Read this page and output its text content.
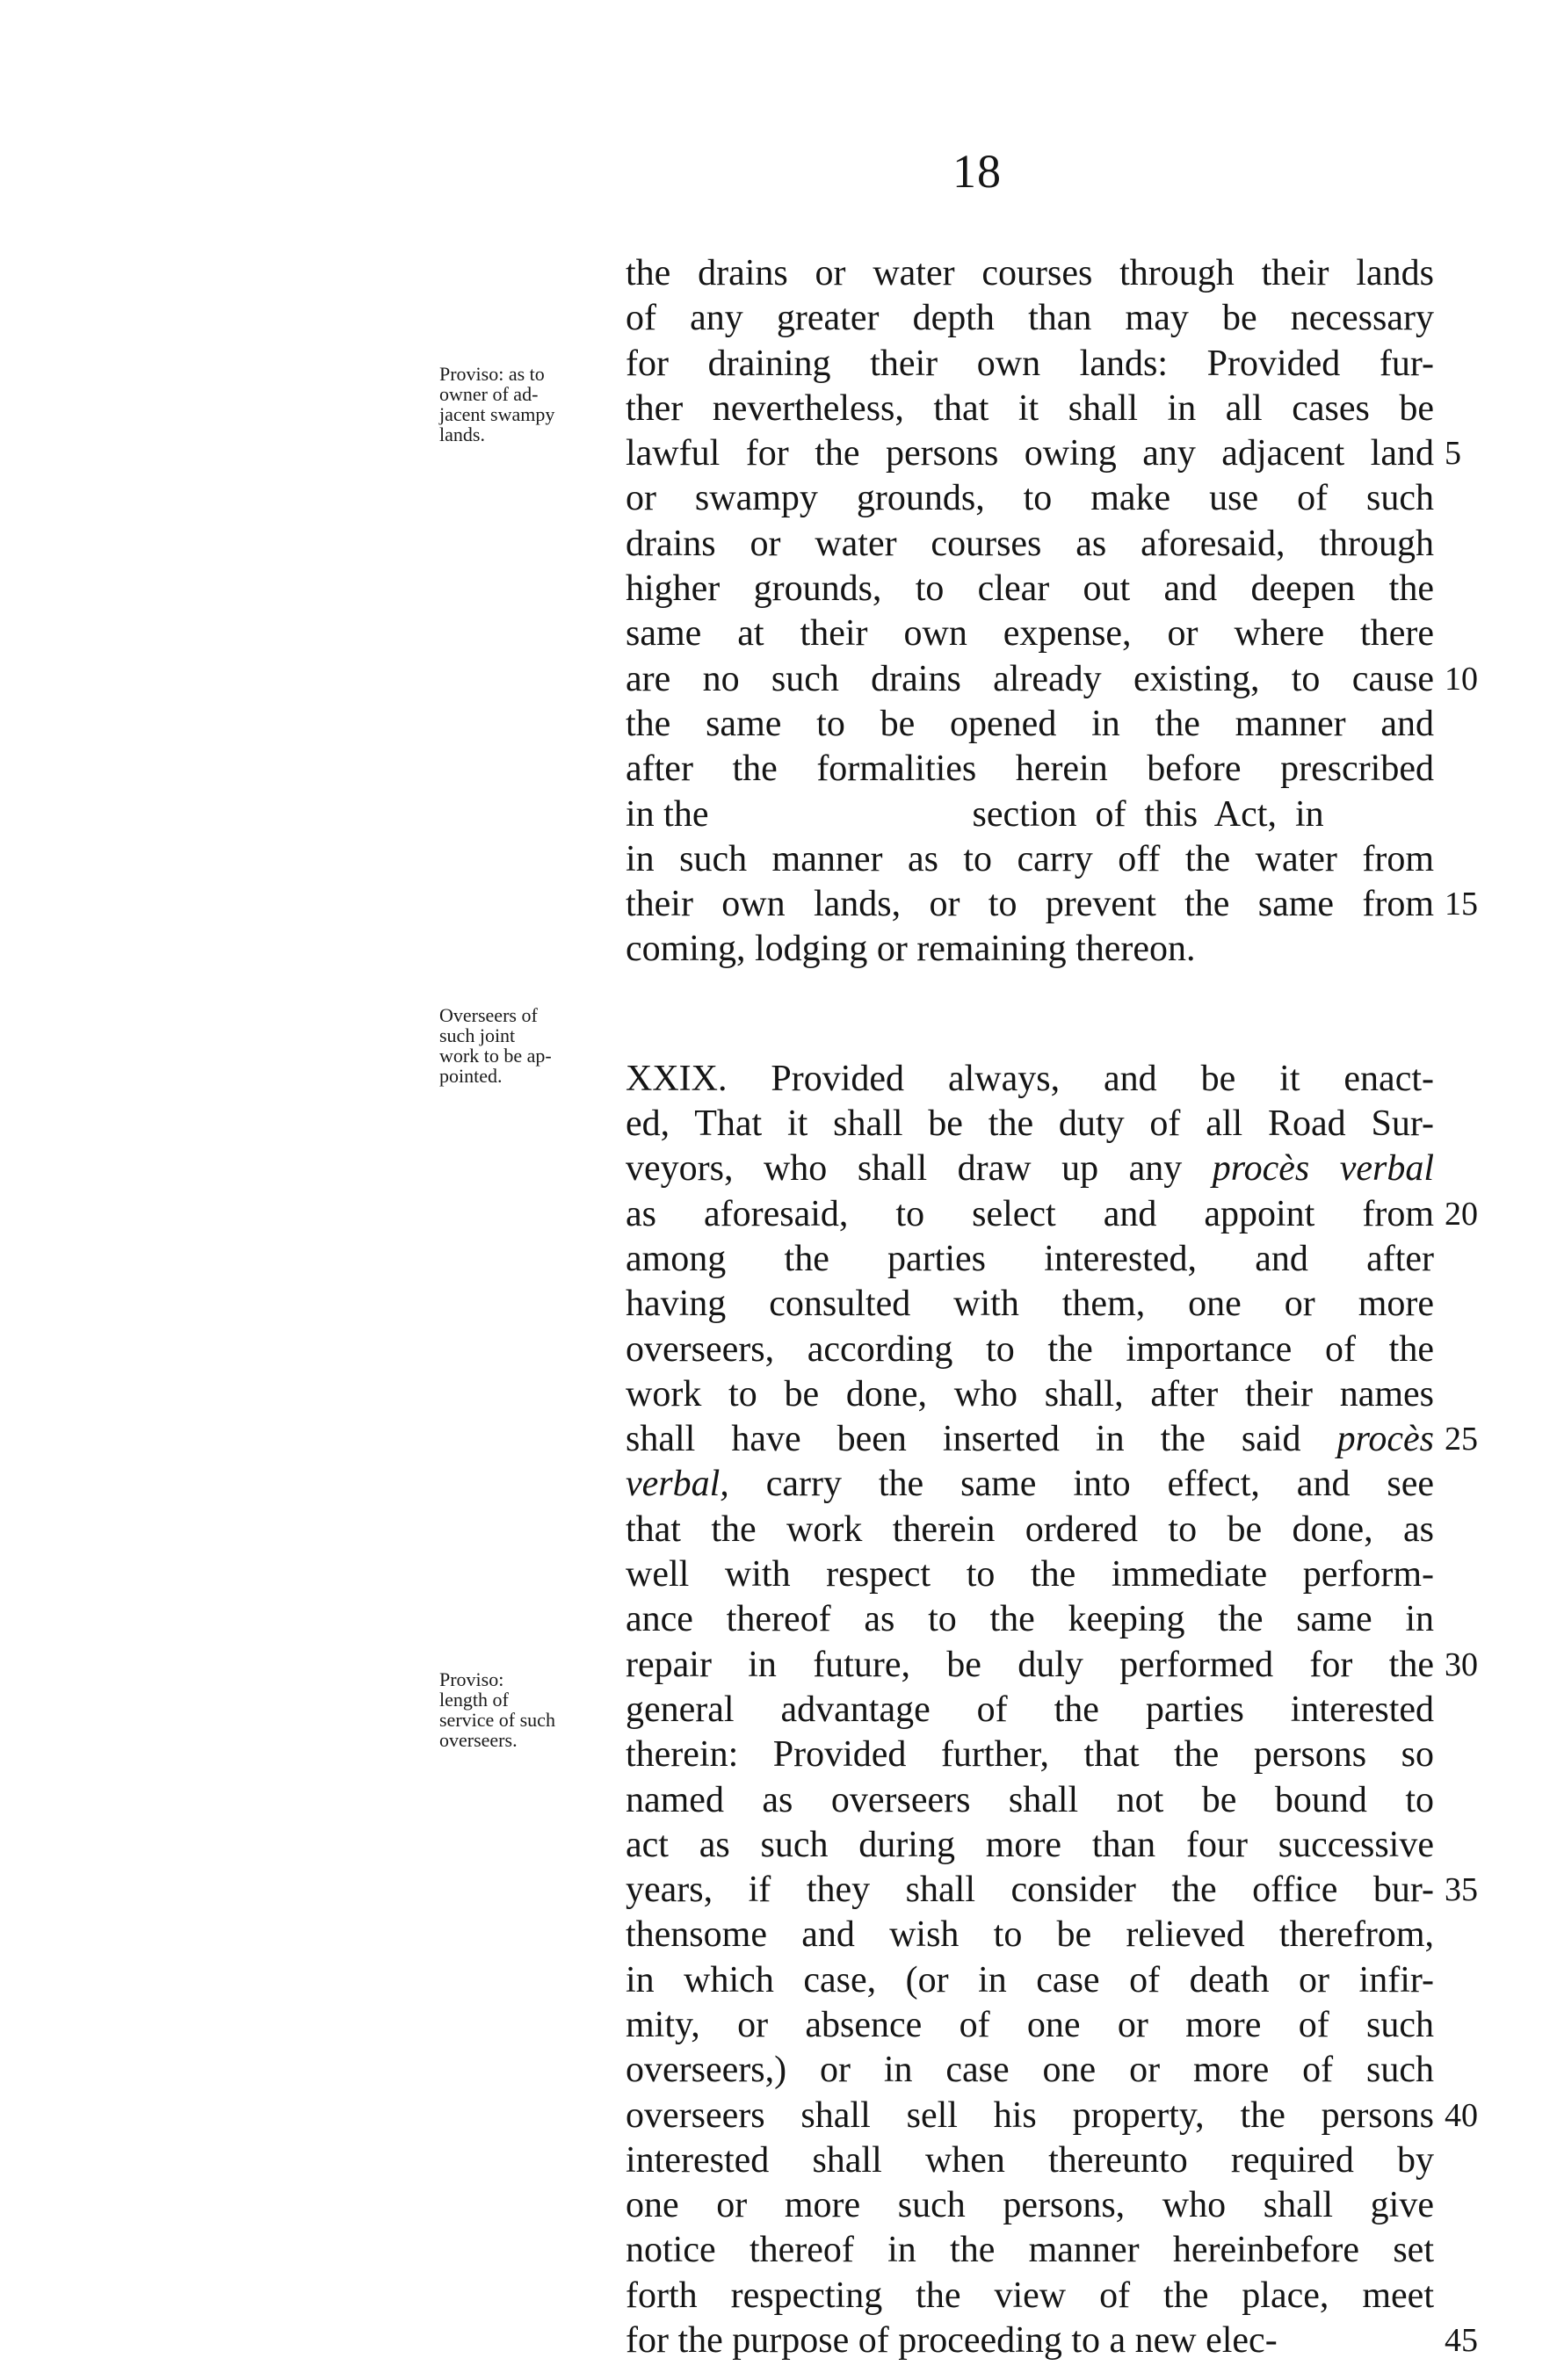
18
Proviso: as to
owner of ad-
jacent swampy
lands.
Overseers of
such joint
work to be ap-
pointed.
Proviso:
length of
service of such
overseers.
the drains or water courses through their lands
of any greater depth than may be necessary
for draining their own lands: Provided fur-
ther nevertheless, that it shall in all cases be
lawful for the persons owing any adjacent land 5
or swampy grounds, to make use of such
drains or water courses as aforesaid, through
higher grounds, to clear out and deepen the
same at their own expense, or where there
are no such drains already existing, to cause 10
the same to be opened in the manner and
after the formalities herein before prescribed
in the	section  of  this  Act,  in
in such manner as to carry off the water from
their own lands, or to prevent the same from 15
coming, lodging or remaining thereon.
XXIX. Provided always, and be it enact-
ed, That it shall be the duty of all Road Sur-
veyors, who shall draw up any procès verbal
as aforesaid, to select and appoint from 20
among the parties interested, and after
having consulted with them, one or more
overseers, according to the importance of the
work to be done, who shall, after their names
shall have been inserted in the said procès 25
verbal, carry the same into effect, and see
that the work therein ordered to be done, as
well with respect to the immediate perform-
ance thereof as to the keeping the same in
repair in future, be duly performed for the 30
general advantage of the parties interested
therein: Provided further, that the persons so
named as overseers shall not be bound to
act as such during more than four successive
years, if they shall consider the office bur- 35
thensome and wish to be relieved therefrom,
in which case, (or in case of death or infir-
mity, or absence of one or more of such
overseers,) or in case one or more of such
overseers shall sell his property, the persons 40
interested shall when thereunto required by
one or more such persons, who shall give
notice thereof in the manner hereinbefore set
forth respecting the view of the place, meet
for the purpose of proceeding to a new elec-	45
